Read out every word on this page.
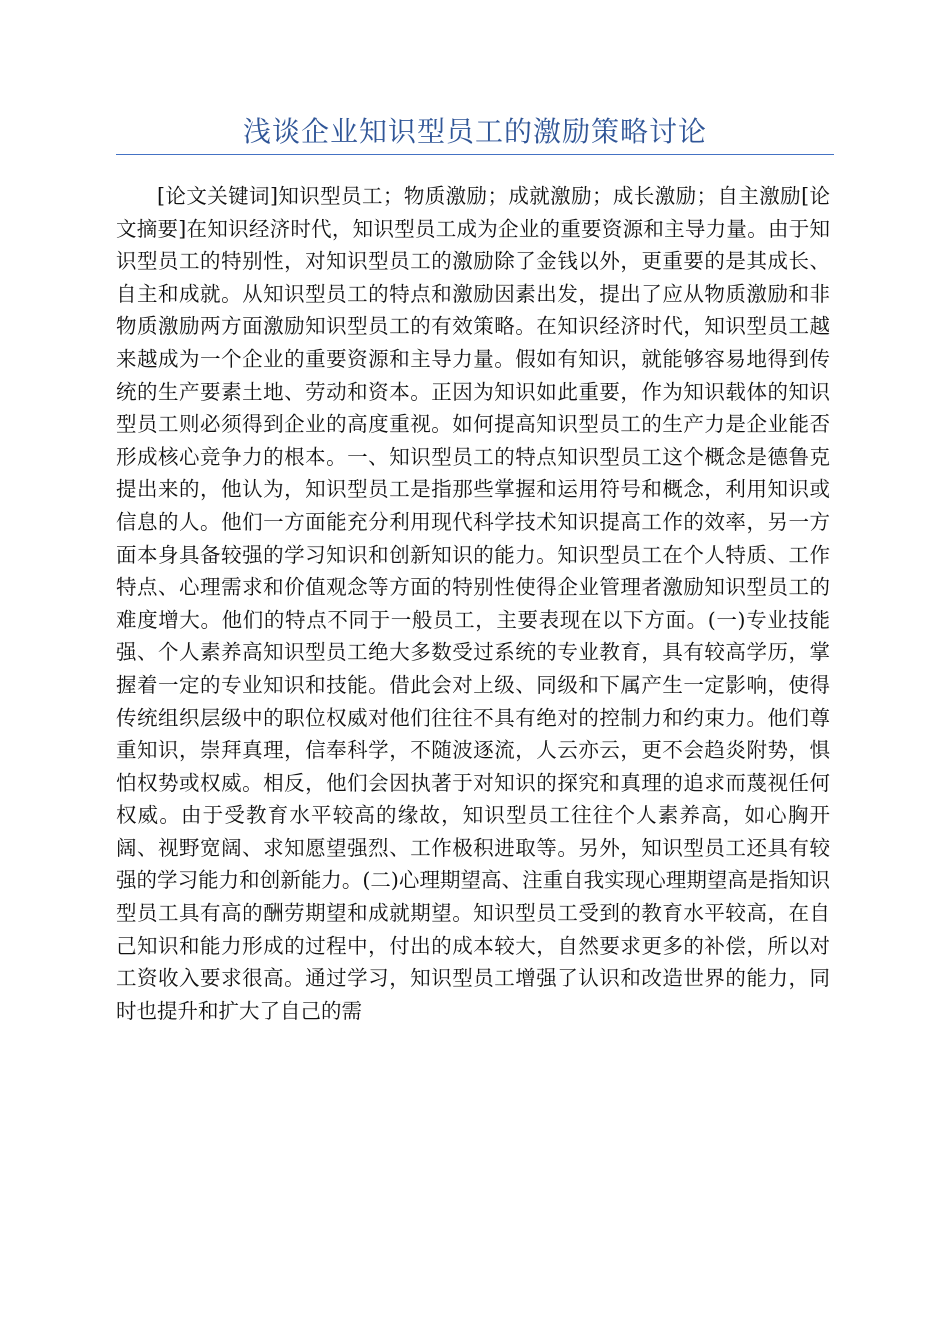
浅谈企业知识型员工的激励策略讨论

[论文关键词]知识型员工；物质激励；成就激励；成长激励；自主激励[论文摘要]在知识经济时代，知识型员工成为企业的重要资源和主导力量。由于知识型员工的特别性，对知识型员工的激励除了金钱以外，更重要的是其成长、自主和成就。从知识型员工的特点和激励因素出发，提出了应从物质激励和非物质激励两方面激励知识型员工的有效策略。在知识经济时代，知识型员工越来越成为一个企业的重要资源和主导力量。假如有知识，就能够容易地得到传统的生产要素土地、劳动和资本。正因为知识如此重要，作为知识载体的知识型员工则必须得到企业的高度重视。如何提高知识型员工的生产力是企业能否形成核心竞争力的根本。一、知识型员工的特点知识型员工这个概念是德鲁克提出来的，他认为，知识型员工是指那些掌握和运用符号和概念，利用知识或信息的人。他们一方面能充分利用现代科学技术知识提高工作的效率，另一方面本身具备较强的学习知识和创新知识的能力。知识型员工在个人特质、工作特点、心理需求和价值观念等方面的特别性使得企业管理者激励知识型员工的难度增大。他们的特点不同于一般员工，主要表现在以下方面。(一)专业技能强、个人素养高知识型员工绝大多数受过系统的专业教育，具有较高学历，掌握着一定的专业知识和技能。借此会对上级、同级和下属产生一定影响，使得传统组织层级中的职位权威对他们往往不具有绝对的控制力和约束力。他们尊重知识，崇拜真理，信奉科学，不随波逐流，人云亦云，更不会趋炎附势，惧怕权势或权威。相反，他们会因执著于对知识的探究和真理的追求而蔑视任何权威。由于受教育水平较高的缘故，知识型员工往往个人素养高，如心胸开阔、视野宽阔、求知愿望强烈、工作极积进取等。另外，知识型员工还具有较强的学习能力和创新能力。(二)心理期望高、注重自我实现心理期望高是指知识型员工具有高的酬劳期望和成就期望。知识型员工受到的教育水平较高，在自己知识和能力形成的过程中，付出的成本较大，自然要求更多的补偿，所以对工资收入要求很高。通过学习，知识型员工增强了认识和改造世界的能力，同时也提升和扩大了自己的需
